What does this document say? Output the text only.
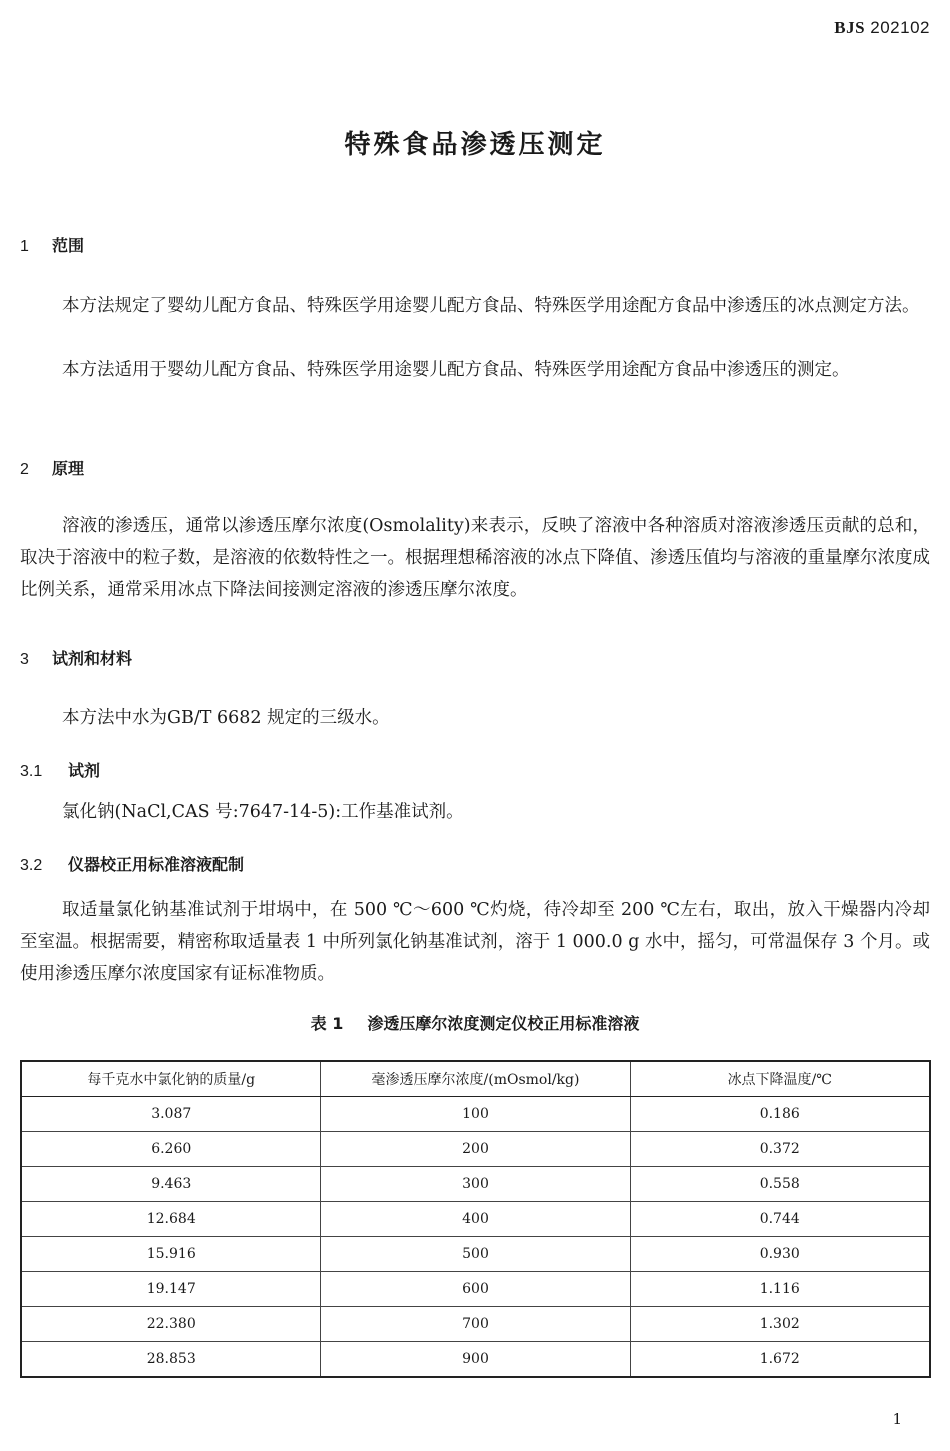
BJS 202102
特殊食品渗透压测定
1 范围

本方法规定了婴幼儿配方食品、特殊医学用途婴儿配方食品、特殊医学用途配方食品中渗透压的冰点测定方法。

本方法适用于婴幼儿配方食品、特殊医学用途婴儿配方食品、特殊医学用途配方食品中渗透压的测定。

2 原理

溶液的渗透压，通常以渗透压摩尔浓度(Osmolality)来表示，反映了溶液中各种溶质对溶液渗透压贡献的总和，取决于溶液中的粒子数，是溶液的依数特性之一。根据理想稀溶液的冰点下降值、渗透压值均与溶液的重量摩尔浓度成比例关系，通常采用冰点下降法间接测定溶液的渗透压摩尔浓度。

3 试剂和材料

本方法中水为GB/T 6682 规定的三级水。

3.1 试剂

氯化钠(NaCl,CAS 号:7647-14-5):工作基准试剂。

3.2 仪器校正用标准溶液配制

取适量氯化钠基准试剂于坩埚中，在 500 ℃～600 ℃灼烧，待冷却至 200 ℃左右，取出，放入干燥器内冷却至室温。根据需要，精密称取适量表 1 中所列氯化钠基准试剂，溶于 1 000.0 g 水中，摇匀，可常温保存 3 个月。或使用渗透压摩尔浓度国家有证标准物质。

表 1 渗透压摩尔浓度测定仪校正用标准溶液
每千克水中氯化钠的质量/g	毫渗透压摩尔浓度/(mOsmol/kg)	冰点下降温度/℃
3.087	100	0.186
6.260	200	0.372
9.463	300	0.558
12.684	400	0.744
15.916	500	0.930
19.147	600	1.116
22.380	700	1.302
28.853	900	1.672
1
